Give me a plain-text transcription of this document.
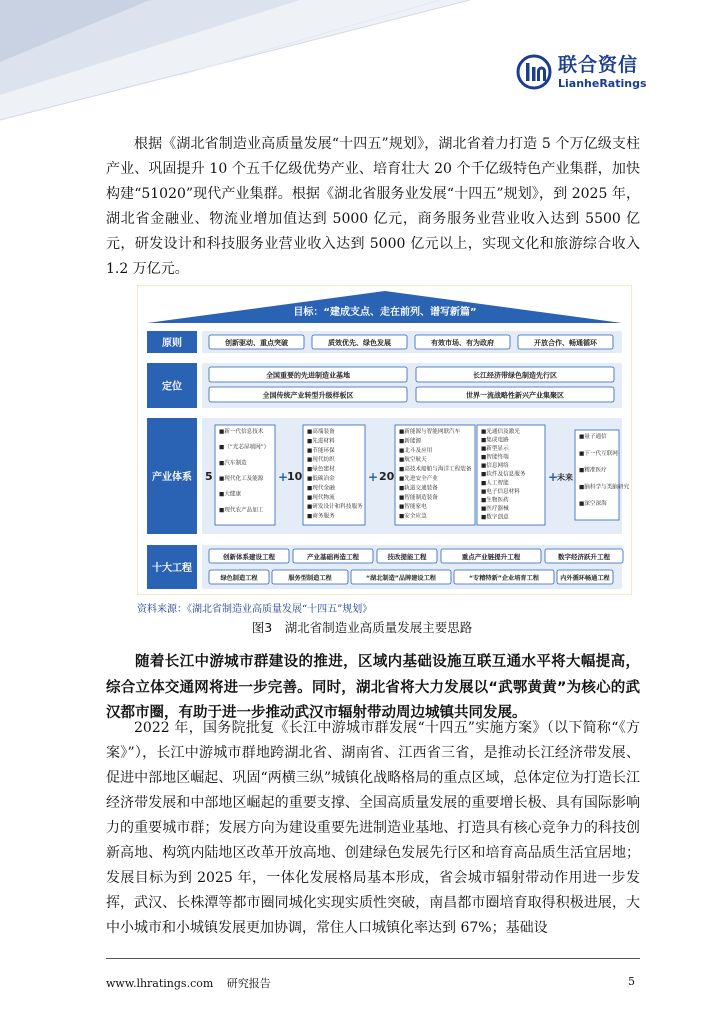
联合资信
LianheRatings

根据《湖北省制造业高质量发展“十四五”规划》，湖北省着力打造 5 个万亿级支柱产业、巩固提升 10 个五千亿级优势产业、培育壮大 20 个千亿级特色产业集群，加快构建“51020”现代产业集群。根据《湖北省服务业发展“十四五”规划》，到 2025 年，湖北省金融业、物流业增加值达到 5000 亿元，商务服务业营业收入达到 5500 亿元，研发设计和科技服务业营业收入达到 5000 亿元以上，实现文化和旅游综合收入 1.2 万亿元。

目标：“建成支点、走在前列、谱写新篇”
原则
定位
产业体系
十大工程
创新驱动、重点突破	质效优先、绿色发展	有效市场、有为政府	开放合作、畅通循环
全国重要的先进制造业基地	长江经济带绿色制造先行区
全国传统产业转型升级样板区	世界一流战略性新兴产业集聚区
5
■新一代信息技术
■（“光芯屏端网”）
■汽车制造
■现代化工及能源
■大健康
■现代农产品加工
+
10
■高端装备
■先进材料
■节能环保
■现代纺织
■绿色建材
■低碳冶金
■现代金融
■现代物流
■研发设计和科技服务
■商务服务
+ 20
■新能源与智能网联汽车
■新能源
■北斗及应用
■航空航天
■高技术船舶与海洋工程装备
■先进安全产业
■轨道交通装备
■智能制造装备
■智能家电
■安全应急
■光通信及激光
■集成电路
■新型显示
■智能终端
■信息网络
■软件及信息服务
■人工智能
■电子信息材料
■生物医药
■医疗器械
■数字创意
+
未来
■量子通信
■下一代互联网
■精准医疗
■脑科学与类脑研究
■深空深海
创新体系建设工程	产业基础再造工程	技改提能工程	重点产业链提升工程	数字经济跃升工程
绿色制造工程	服务型制造工程	“湖北制造”品牌建设工程	“专精特新”企业培育工程	内外循环畅通工程
资料来源：《湖北省制造业高质量发展“十四五”规划》
图3　湖北省制造业高质量发展主要思路

随着长江中游城市群建设的推进，区域内基础设施互联互通水平将大幅提高，综合立体交通网将进一步完善。同时，湖北省将大力发展以“武鄂黄黄”为核心的武汉都市圈，有助于进一步推动武汉市辐射带动周边城镇共同发展。

2022 年，国务院批复《长江中游城市群发展“十四五”实施方案》（以下简称“《方案》”），长江中游城市群地跨湖北省、湖南省、江西省三省，是推动长江经济带发展、促进中部地区崛起、巩固“两横三纵”城镇化战略格局的重点区域，总体定位为打造长江经济带发展和中部地区崛起的重要支撑、全国高质量发展的重要增长极、具有国际影响力的重要城市群；发展方向为建设重要先进制造业基地、打造具有核心竞争力的科技创新高地、构筑内陆地区改革开放高地、创建绿色发展先行区和培育高品质生活宜居地；发展目标为到 2025 年，一体化发展格局基本形成，省会城市辐射带动作用进一步发挥，武汉、长株潭等都市圈同城化实现实质性突破，南昌都市圈培育取得积极进展，大中小城市和小城镇发展更加协调，常住人口城镇化率达到 67%；基础设

www.lhratings.com 研究报告	5
